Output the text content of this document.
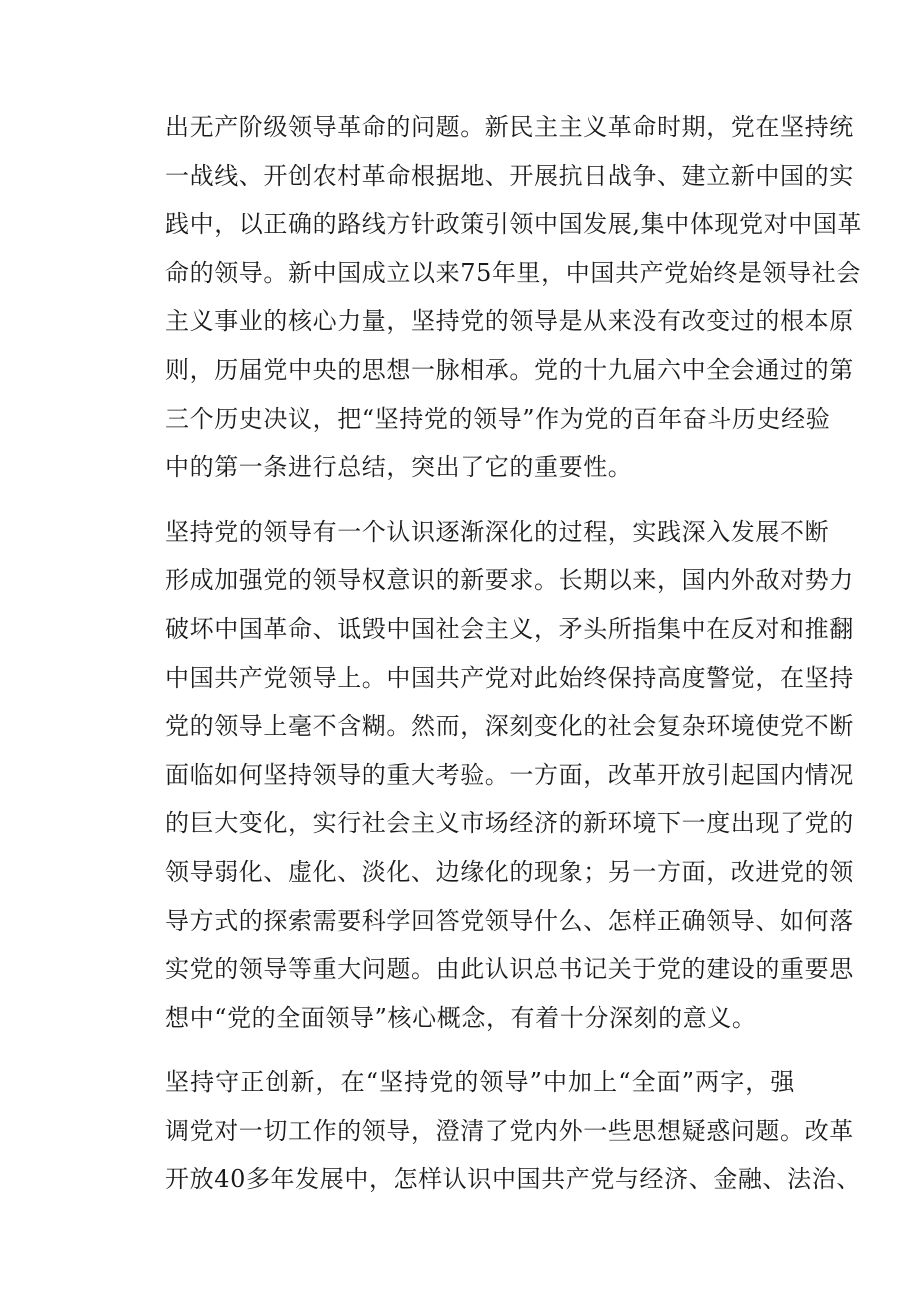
出无产阶级领导革命的问题。新民主主义革命时期，党在坚持统
一战线、开创农村革命根据地、开展抗日战争、建立新中国的实
践中，以正确的路线方针政策引领中国发展,集中体现党对中国革
命的领导。新中国成立以来75年里，中国共产党始终是领导社会
主义事业的核心力量，坚持党的领导是从来没有改变过的根本原
则，历届党中央的思想一脉相承。党的十九届六中全会通过的第
三个历史决议，把“坚持党的领导”作为党的百年奋斗历史经验
中的第一条进行总结，突出了它的重要性。
坚持党的领导有一个认识逐渐深化的过程，实践深入发展不断
形成加强党的领导权意识的新要求。长期以来，国内外敌对势力
破坏中国革命、诋毁中国社会主义，矛头所指集中在反对和推翻
中国共产党领导上。中国共产党对此始终保持高度警觉，在坚持
党的领导上毫不含糊。然而，深刻变化的社会复杂环境使党不断
面临如何坚持领导的重大考验。一方面，改革开放引起国内情况
的巨大变化，实行社会主义市场经济的新环境下一度出现了党的
领导弱化、虚化、淡化、边缘化的现象；另一方面，改进党的领
导方式的探索需要科学回答党领导什么、怎样正确领导、如何落
实党的领导等重大问题。由此认识总书记关于党的建设的重要思
想中“党的全面领导”核心概念，有着十分深刻的意义。
坚持守正创新，在“坚持党的领导”中加上“全面”两字，强
调党对一切工作的领导，澄清了党内外一些思想疑惑问题。改革
开放40多年发展中，怎样认识中国共产党与经济、金融、法治、
